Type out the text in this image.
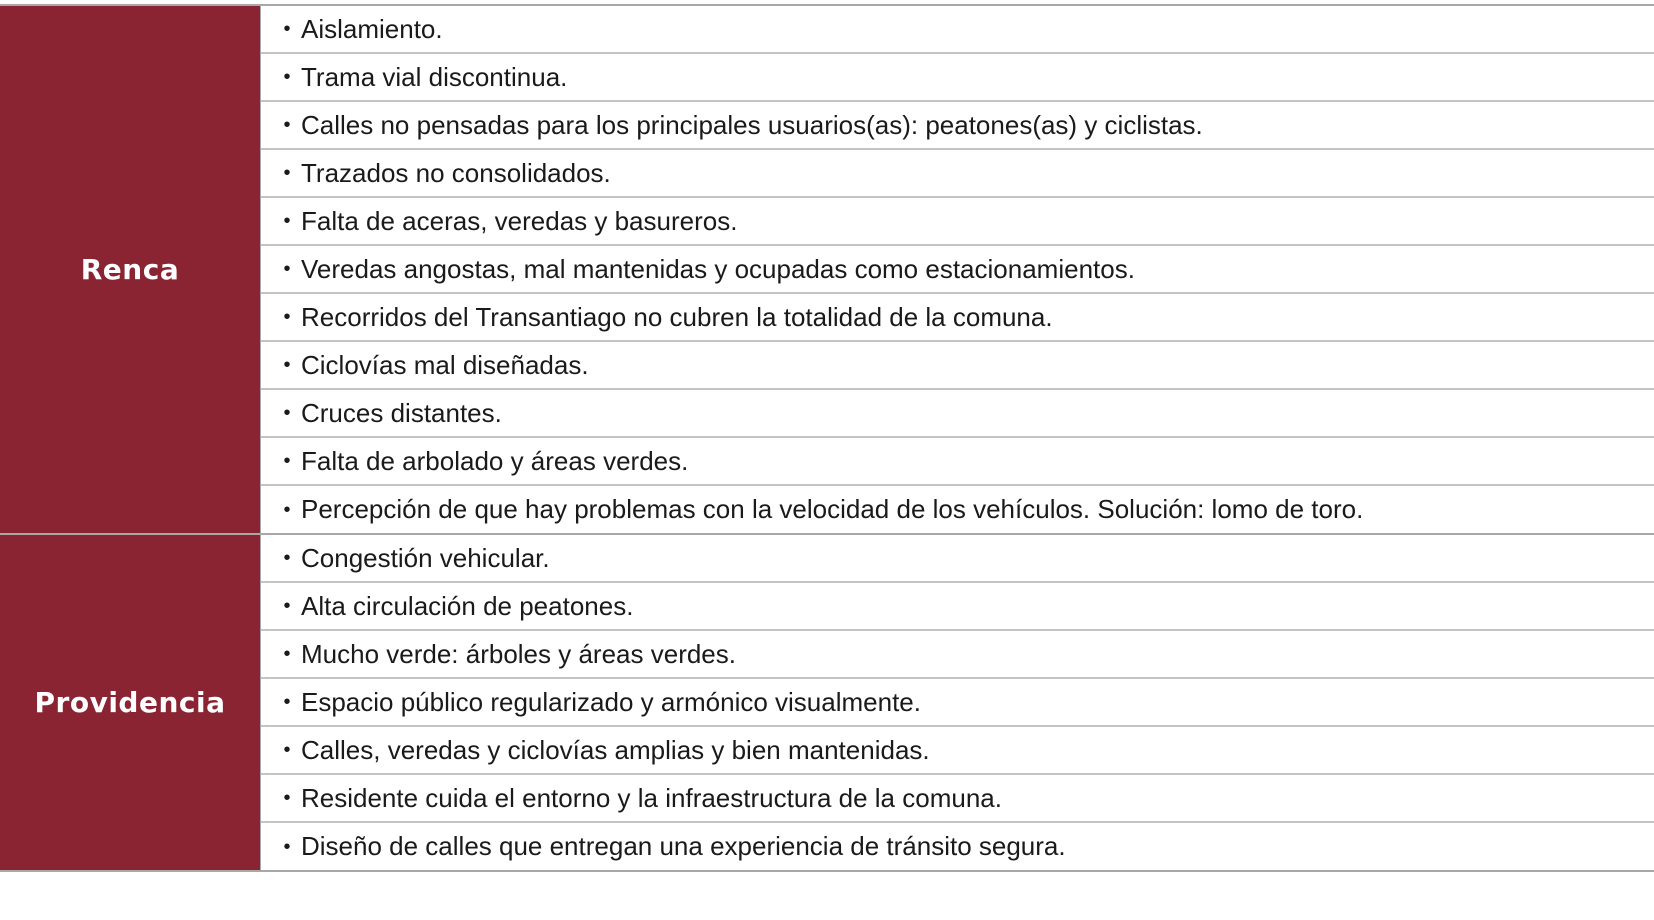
Renca
• Aislamiento.
• Trama vial discontinua.
• Calles no pensadas para los principales usuarios(as): peatones(as) y ciclistas.
• Trazados no consolidados.
• Falta de aceras, veredas y basureros.
• Veredas angostas, mal mantenidas y ocupadas como estacionamientos.
• Recorridos del Transantiago no cubren la totalidad de la comuna.
• Ciclovías mal diseñadas.
• Cruces distantes.
• Falta de arbolado y áreas verdes.
• Percepción de que hay problemas con la velocidad de los vehículos. Solución: lomo de toro.
Providencia
• Congestión vehicular.
• Alta circulación de peatones.
• Mucho verde: árboles y áreas verdes.
• Espacio público regularizado y armónico visualmente.
• Calles, veredas y ciclovías amplias y bien mantenidas.
• Residente cuida el entorno y la infraestructura de la comuna.
• Diseño de calles que entregan una experiencia de tránsito segura.
